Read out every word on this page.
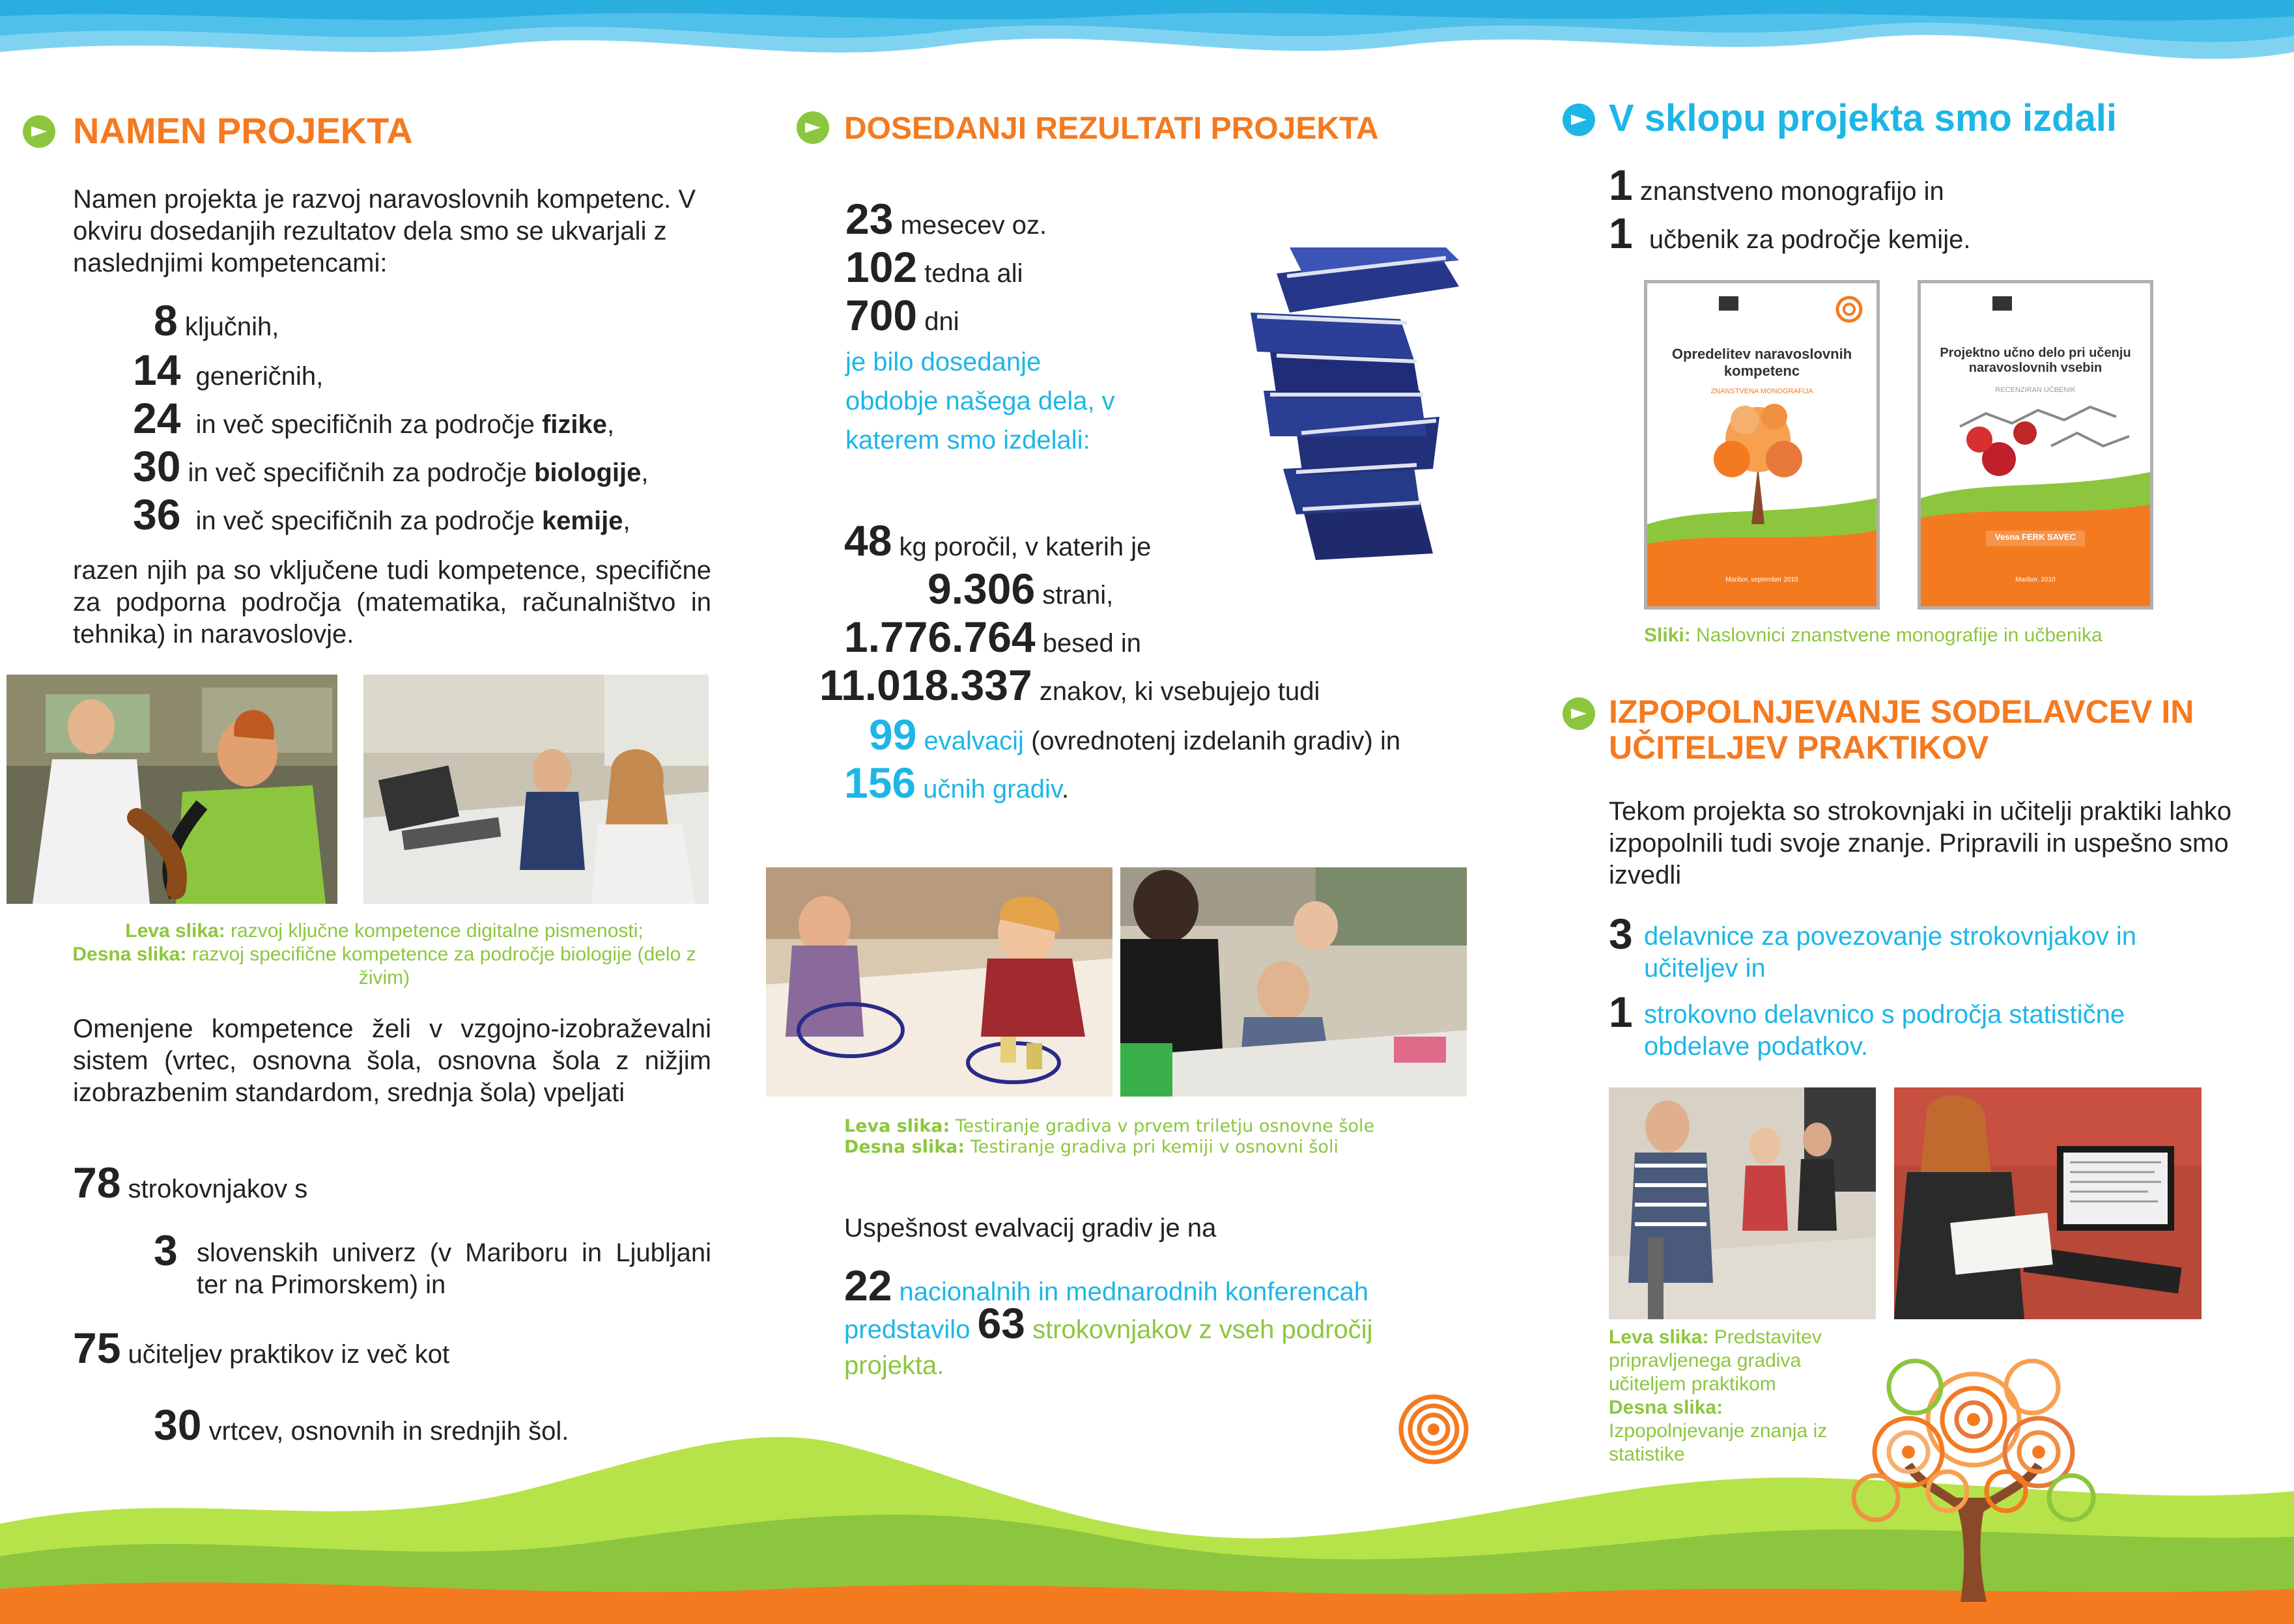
NAMEN PROJEKTA
Namen projekta je razvoj naravoslovnih kompetenc. V okviru dosedanjih rezultatov dela smo se ukvarjali z naslednjimi kompetencami:
8 ključnih,
14 generičnih,
24 in več specifičnih za področje fizike,
30 in več specifičnih za področje biologije,
36 in več specifičnih za področje kemije,
razen njih pa so vključene tudi kompetence, specifične za podporna področja (matematika, računalništvo in tehnika) in naravoslovje.
Leva slika: razvoj ključne kompetence digitalne pismenosti;
Desna slika: razvoj specifične kompetence za področje biologije (delo z živim)
Omenjene kompetence želi v vzgojno-izobraževalni sistem (vrtec, osnovna šola, osnovna šola z nižjim izobrazbenim standardom, srednja šola) vpeljati
78 strokovnjakov s
3 slovenskih univerz (v Mariboru in Ljubljani ter na Primorskem) in
75 učiteljev praktikov iz več kot
30 vrtcev, osnovnih in srednjih šol.
DOSEDANJI REZULTATI PROJEKTA
23 mesecev oz.
102 tedna ali
700 dni
je bilo dosedanje obdobje našega dela, v katerem smo izdelali:
48 kg poročil, v katerih je
9.306 strani,
1.776.764 besed in
11.018.337 znakov, ki vsebujejo tudi
99 evalvacij (ovrednotenj izdelanih gradiv) in
156 učnih gradiv.
Leva slika: Testiranje gradiva v prvem triletju osnovne šole
Desna slika: Testiranje gradiva pri kemiji v osnovni šoli
Uspešnost evalvacij gradiv je na
22 nacionalnih in mednarodnih konferencah
predstavilo 63 strokovnjakov z vseh področij projekta.
V sklopu projekta smo izdali
1 znanstveno monografijo in
1 učbenik za področje kemije.
Opredelitev naravoslovnih kompetenc
ZNANSTVENA MONOGRAFIJA
Maribor, september 2010
Projektno učno delo pri učenju naravoslovnih vsebin
RECENZIRAN UČBENIK
Vesna FERK SAVEC
Maribor, 2010
Sliki: Naslovnici znanstvene monografije in učbenika
IZPOPOLNJEVANJE SODELAVCEV IN UČITELJEV PRAKTIKOV
Tekom projekta so strokovnjaki in učitelji praktiki lahko izpopolnili tudi svoje znanje. Pripravili in uspešno smo izvedli
3 delavnice za povezovanje strokovnjakov in učiteljev in
1 strokovno delavnico s področja statistične obdelave podatkov.
Leva slika: Predstavitev pripravljenega gradiva učiteljem praktikom
Desna slika:
Izpopolnjevanje znanja iz statistike
